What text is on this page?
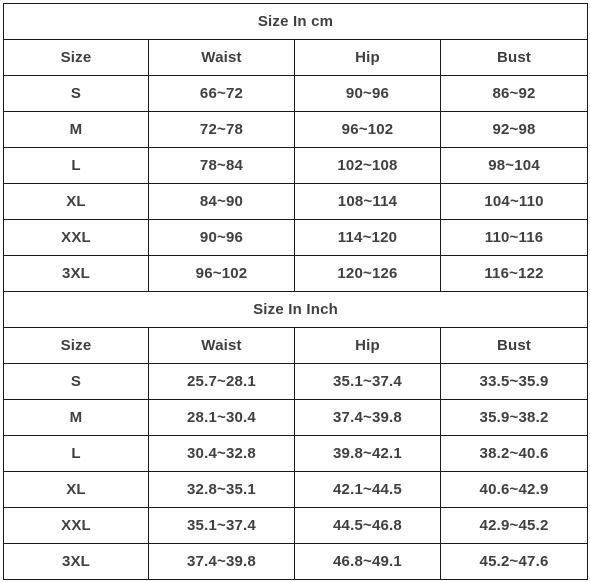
Size In cm			
Size	Waist	Hip	Bust
S	66~72	90~96	86~92
M	72~78	96~102	92~98
L	78~84	102~108	98~104
XL	84~90	108~114	104~110
XXL	90~96	114~120	110~116
3XL	96~102	120~126	116~122
Size In Inch			
Size	Waist	Hip	Bust
S	25.7~28.1	35.1~37.4	33.5~35.9
M	28.1~30.4	37.4~39.8	35.9~38.2
L	30.4~32.8	39.8~42.1	38.2~40.6
XL	32.8~35.1	42.1~44.5	40.6~42.9
XXL	35.1~37.4	44.5~46.8	42.9~45.2
3XL	37.4~39.8	46.8~49.1	45.2~47.6
